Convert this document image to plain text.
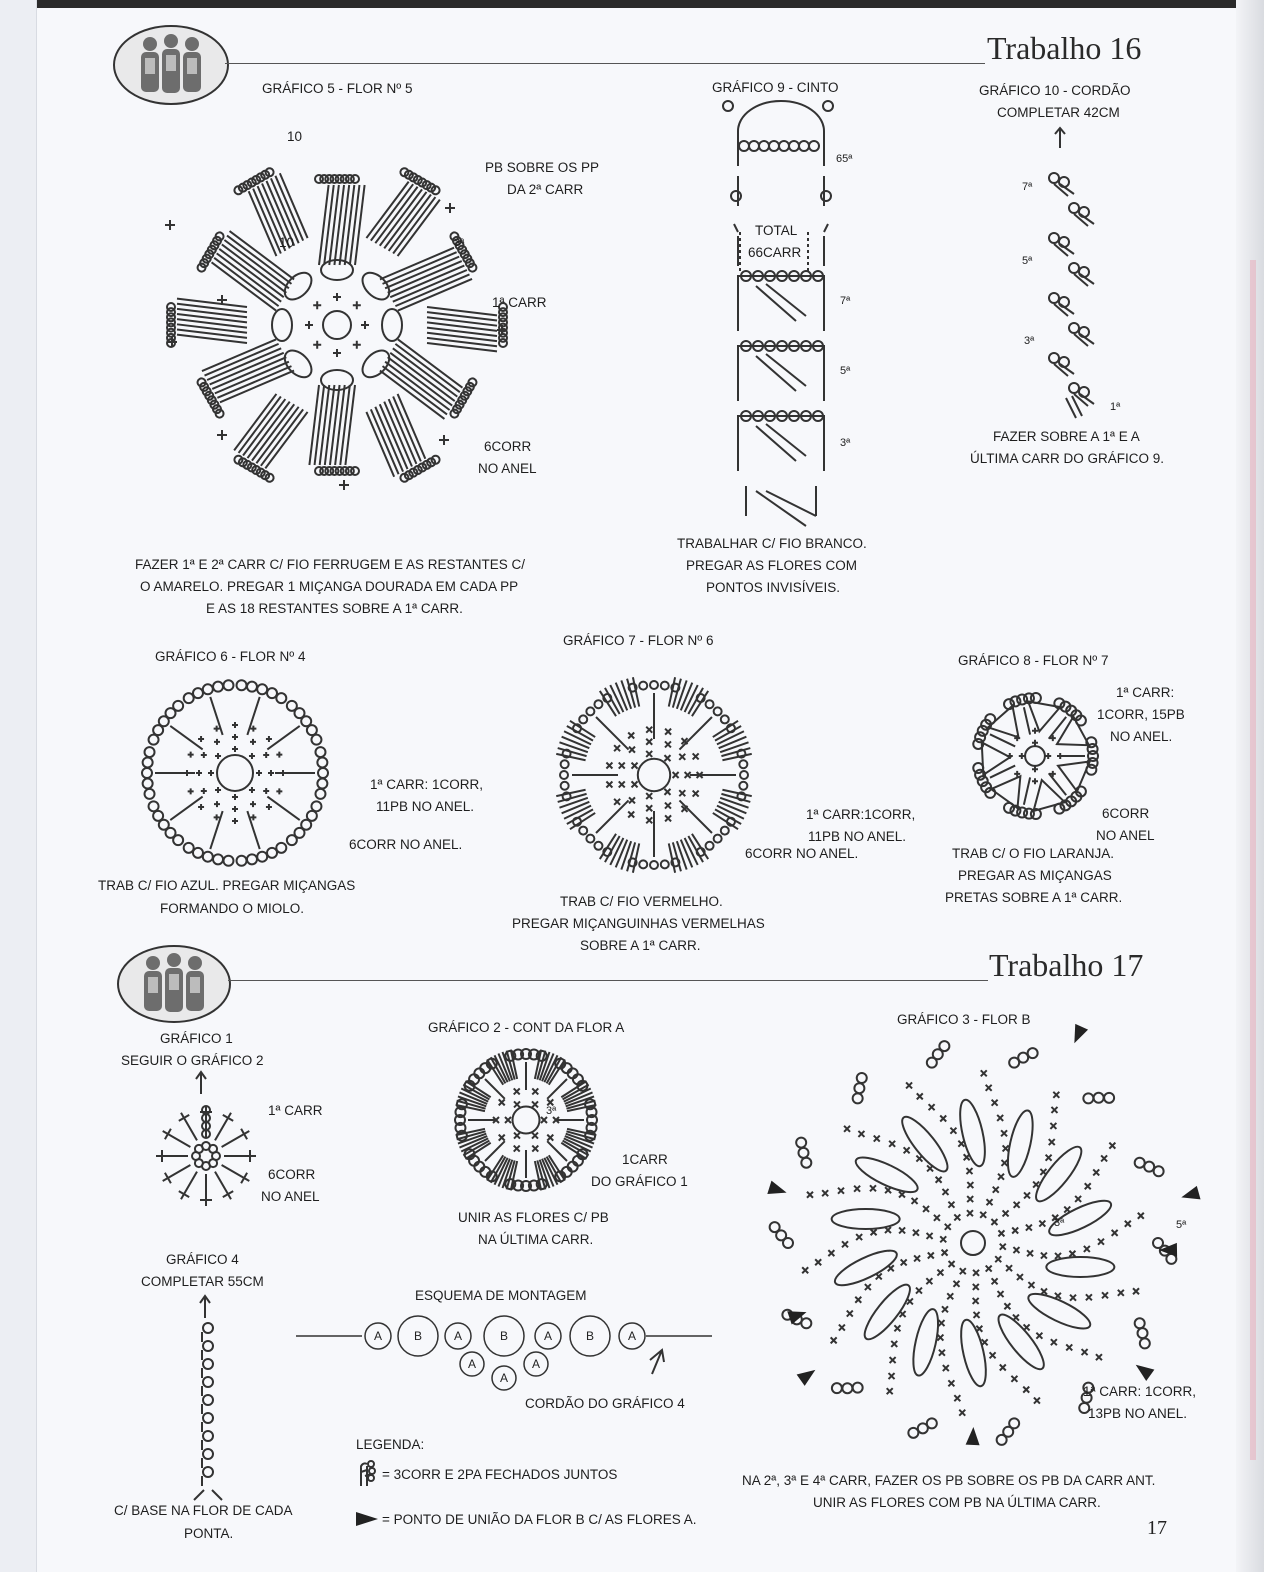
Trabalho 16
GRÁFICO 5 - FLOR Nº 5
10
10
PB SOBRE OS PP
DA 2ª CARR
3ª
1ª CARR
6CORR
NO ANEL
FAZER 1ª E 2ª CARR C/ FIO FERRUGEM E AS RESTANTES C/
O AMARELO. PREGAR 1 MIÇANGA DOURADA EM CADA PP
E AS 18 RESTANTES SOBRE A 1ª CARR.
GRÁFICO 9 - CINTO
65ª
TOTAL
66CARR
7ª
5ª
3ª
TRABALHAR C/ FIO BRANCO.
PREGAR AS FLORES COM
PONTOS INVISÍVEIS.
GRÁFICO 10 - CORDÃO
COMPLETAR 42CM
7ª
5ª
3ª
1ª
FAZER SOBRE A 1ª E A
ÚLTIMA CARR DO GRÁFICO 9.
GRÁFICO 6 - FLOR Nº 4
1ª CARR: 1CORR,
11PB NO ANEL.
6CORR NO ANEL.
TRAB C/ FIO AZUL. PREGAR MIÇANGAS
FORMANDO O MIOLO.
GRÁFICO 7 - FLOR Nº 6
1ª CARR:1CORR,
11PB NO ANEL.
6CORR NO ANEL.
TRAB C/ FIO VERMELHO.
PREGAR MIÇANGUINHAS VERMELHAS
SOBRE A 1ª CARR.
GRÁFICO 8 - FLOR Nº 7
1ª CARR:
1CORR, 15PB
NO ANEL.
6CORR
NO ANEL
TRAB C/ O FIO LARANJA.
PREGAR AS MIÇANGAS
PRETAS SOBRE A 1ª CARR.
Trabalho 17
GRÁFICO 1
SEGUIR O GRÁFICO 2
1ª CARR
6CORR
NO ANEL
GRÁFICO 2 - CONT DA FLOR A
3ª
1CARR
DO GRÁFICO 1
UNIR AS FLORES C/ PB
NA ÚLTIMA CARR.
GRÁFICO 3 - FLOR B
3ª	5ª
1ª CARR: 1CORR,
13PB NO ANEL.
NA 2ª, 3ª E 4ª CARR, FAZER OS PB SOBRE OS PB DA CARR ANT.
UNIR AS FLORES COM PB NA ÚLTIMA CARR.
GRÁFICO 4
COMPLETAR 55CM
C/ BASE NA FLOR DE CADA
PONTA.
ESQUEMA DE MONTAGEM
A	B	A	B	A	B	A
A
A
A
CORDÃO DO GRÁFICO 4
LEGENDA:
= 3CORR E 2PA FECHADOS JUNTOS
= PONTO DE UNIÃO DA FLOR B C/ AS FLORES A.	17
